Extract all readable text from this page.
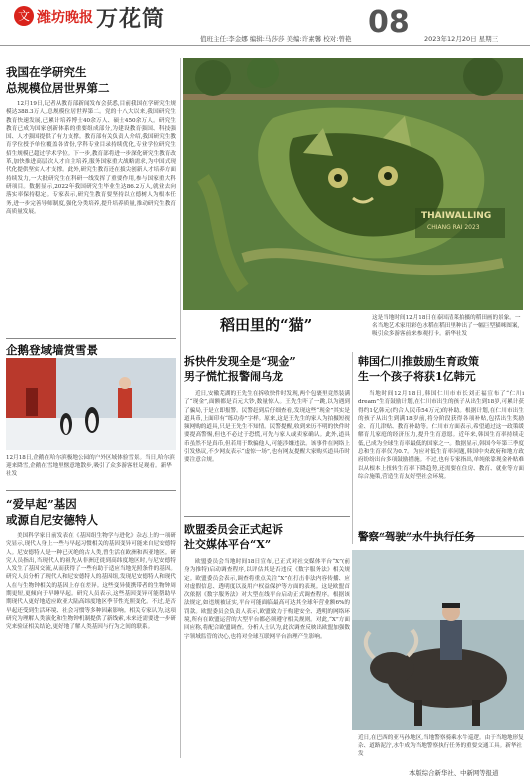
文 潍坊晚报 万花筒	08
值班主任:李金娜 编辑:马莎莎 美编:许素馨 校对:曾艳	2023年12月20日 星期三
我国在学研究生
总规模位居世界第二
12月19日,记者从教育部新闻发布会获悉,目前我国在学研究生规模达388.3万人,总规模位居世界第二。党的十八大以来,我国研究生教育快速发展,已累计培养博士40余万人、硕士450余万人。研究生教育已成为国家创新体系的重要组成部分,为建设教育强国、科技强国、人才强国提供了有力支撑。教育部有关负责人介绍,我国研究生教育学位授予单位覆盖各省份,学科专业目录持续优化,专业学位研究生招生规模已超过学术学位。下一步,教育部将进一步深化研究生教育改革,加快推进高层次人才自主培养,服务国家重大战略需求,为中国式现代化提供坚实人才支撑。此外,研究生教育还在拔尖创新人才培养方面持续发力,一大批研究生在科研一线发挥了重要作用,参与国家重大科研项目。数据显示,2022年我国研究生毕业生达86.2万人,就业去向落实率保持稳定。专家表示,研究生教育要坚持以立德树人为根本任务,进一步完善导师制度,强化分类培养,提升培养质量,推动研究生教育高质量发展。	THAIWALLING
CHIANG RAI 2023
稻田里的“猫”	这是当地时间12月18日在泰国清莱拍摄的稻田画的景象。一名当地艺术家用彩色水稻在稻田里种出了一幅巨型猫咪图案,吸引众多游客前来参观打卡。新华社发
企鹅登域墙赏雪景
12月18日,企鹅在哈尔滨极地公园的户外区域体验雪景。当日,哈尔滨迎来降雪,企鹅在雪地里惬意地散步,吸引了众多游客驻足观看。新华社发
“爱早起”基因
或源自尼安德特人
美国科学家日前发表在《基因组生物学与进化》杂志上的一项研究显示,现代人身上一些与早起习惯相关的基因变异可能来自尼安德特人。尼安德特人是一种已灭绝的古人类,曾生活在欧洲和西亚地区。研究人员指出,当现代人的祖先从非洲迁徙到高纬度地区时,与尼安德特人发生了基因交流,从而获得了一些有助于适应当地光照条件的基因。研究人员分析了现代人和尼安德特人的基因组,发现尼安德特人和现代人在与生物钟相关的基因上存在差异。这些变异使携带者的生物钟周期更短,更倾向于早睡早起。研究人员表示,这些基因变异可能帮助早期现代人更好地适应欧亚大陆高纬度地区季节性光照变化。不过,是否早起还受到生活环境、社会习惯等多种因素影响。相关专家认为,这项研究为理解人类演化和生物钟机制提供了新线索,未来还需要进一步研究来验证相关结论,更好地了解人类基因与行为之间的联系。
拆快件发现全是“现金”
男子慌忙报警闹乌龙
近日,安徽芜湖的王先生在拆收快件时发现,两个包裹里竟然装满了“现金”,面额都是百元大钞,数量惊人。王先生吓了一跳,以为遇到了骗局,于是立即报警。民警赶到后仔细查看,发现这些“现金”其实是道具币,上面印有“练功券”字样。原来,这是王先生的家人为拍摄短视频网购的道具,只是王先生不知情。民警提醒,收到来历不明的快件时要提高警惕,但也不必过于恐慌,可先与家人或卖家确认。此外,道具币虽然不是真币,但若用于欺骗他人,可能涉嫌违法。该事件在网络上引发热议,不少网友表示“虚惊一场”,也有网友提醒大家购买道具币时要注意合规。
韩国仁川推鼓励生育政策
生一个孩子将获1亿韩元
当地时间12月18日,韩国仁川市市长刘正福宣布了“仁川i dream”生育鼓励计划,在仁川市出生的孩子从出生到18岁,可累计获得约1亿韩元(约合人民币54万元)的补助。根据计划,在仁川市出生的孩子从出生到满18岁前,将分阶段获得各项补贴,包括出生奖励金、育儿津贴、教育补助等。仁川市方面表示,希望通过这一政策缓解育儿家庭的经济压力,提升生育意愿。近年来,韩国生育率持续走低,已成为全球生育率最低的国家之一。数据显示,韩国今年第三季度总和生育率仅为0.7。为应对低生育率问题,韩国中央政府和地方政府纷纷出台多项鼓励措施。不过,也有专家指出,单纯依靠现金补贴难以从根本上扭转生育率下降趋势,还需要在住房、教育、就业等方面综合施策,营造生育友好型社会环境。
欧盟委员会正式起诉
社交媒体平台“X”
欧盟委员会当地时间18日宣布,已正式对社交媒体平台“X”(前身为推特)启动调查程序,以评估其是否违反《数字服务法》相关规定。欧盟委员会表示,调查将重点关注“X”在打击非法内容传播、应对虚假信息、透明度以及用户权益保护等方面的表现。这是欧盟首次依据《数字服务法》对大型在线平台启动正式调查程序。根据该法规定,如违规被证实,平台可能面临最高可达其全球年营业额6%的罚款。欧盟委员会负责人表示,欧盟致力于构建安全、透明的网络环境,所有在欧盟运营的大型平台都必须遵守相关规则。对此,“X”方面回应称,将配合欧盟调查。分析人士认为,此次调查反映出欧盟加强数字领域监管的决心,也将对全球互联网平台治理产生影响。
警察“驾驶”水牛执行任务
近日,在巴西的亚马孙地区,当地警察骑乘水牛巡逻。由于当地地形复杂、道路泥泞,水牛成为当地警察执行任务的重要交通工具。新华社发
本版综合新华社、中新网等报道
